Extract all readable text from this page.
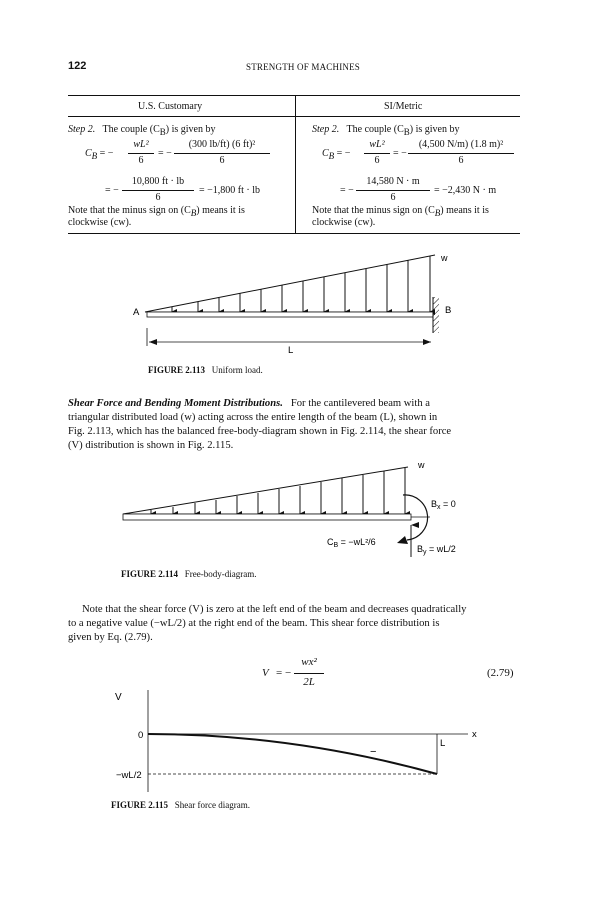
122	STRENGTH OF MACHINES
U.S. Customary	SI/Metric
Step 2. The couple $(C_B)$ is given by
$C_B$ = −
wL²
6
= −
(300 lb/ft) (6 ft)²
6
= −
10,800 ft · lb
6
= −1,800 ft · lb
Note that the minus sign on $(C_B)$ means it is
clockwise (cw).
Step 2. The couple $(C_B)$ is given by
$C_B$ = −
wL²
6
= −
(4,500 N/m) (1.8 m)²
6
= −
14,580 N · m
6
= −2,430 N · m
Note that the minus sign on $(C_B)$ means it is
clockwise (cw).
w
A	B
L
FIGURE 2.113 Uniform load.
Shear Force and Bending Moment Distributions. For the cantilevered beam with a
triangular distributed load (w) acting across the entire length of the beam (L), shown in
Fig. 2.113, which has the balanced free-body-diagram shown in Fig. 2.114, the shear force
(V) distribution is shown in Fig. 2.115.
w
$B_x = 0$
$C_B = -wL^2/6$
$B_y = wL/2$
FIGURE 2.114 Free-body-diagram.
Note that the shear force (V) is zero at the left end of the beam and decreases quadratically
to a negative value (−wL/2) at the right end of the beam. This shear force distribution is
given by Eq. (2.79).
V = −
wx²
2L
(2.79)
V
0
−wL/2
x
L
−
FIGURE 2.115 Shear force diagram.
